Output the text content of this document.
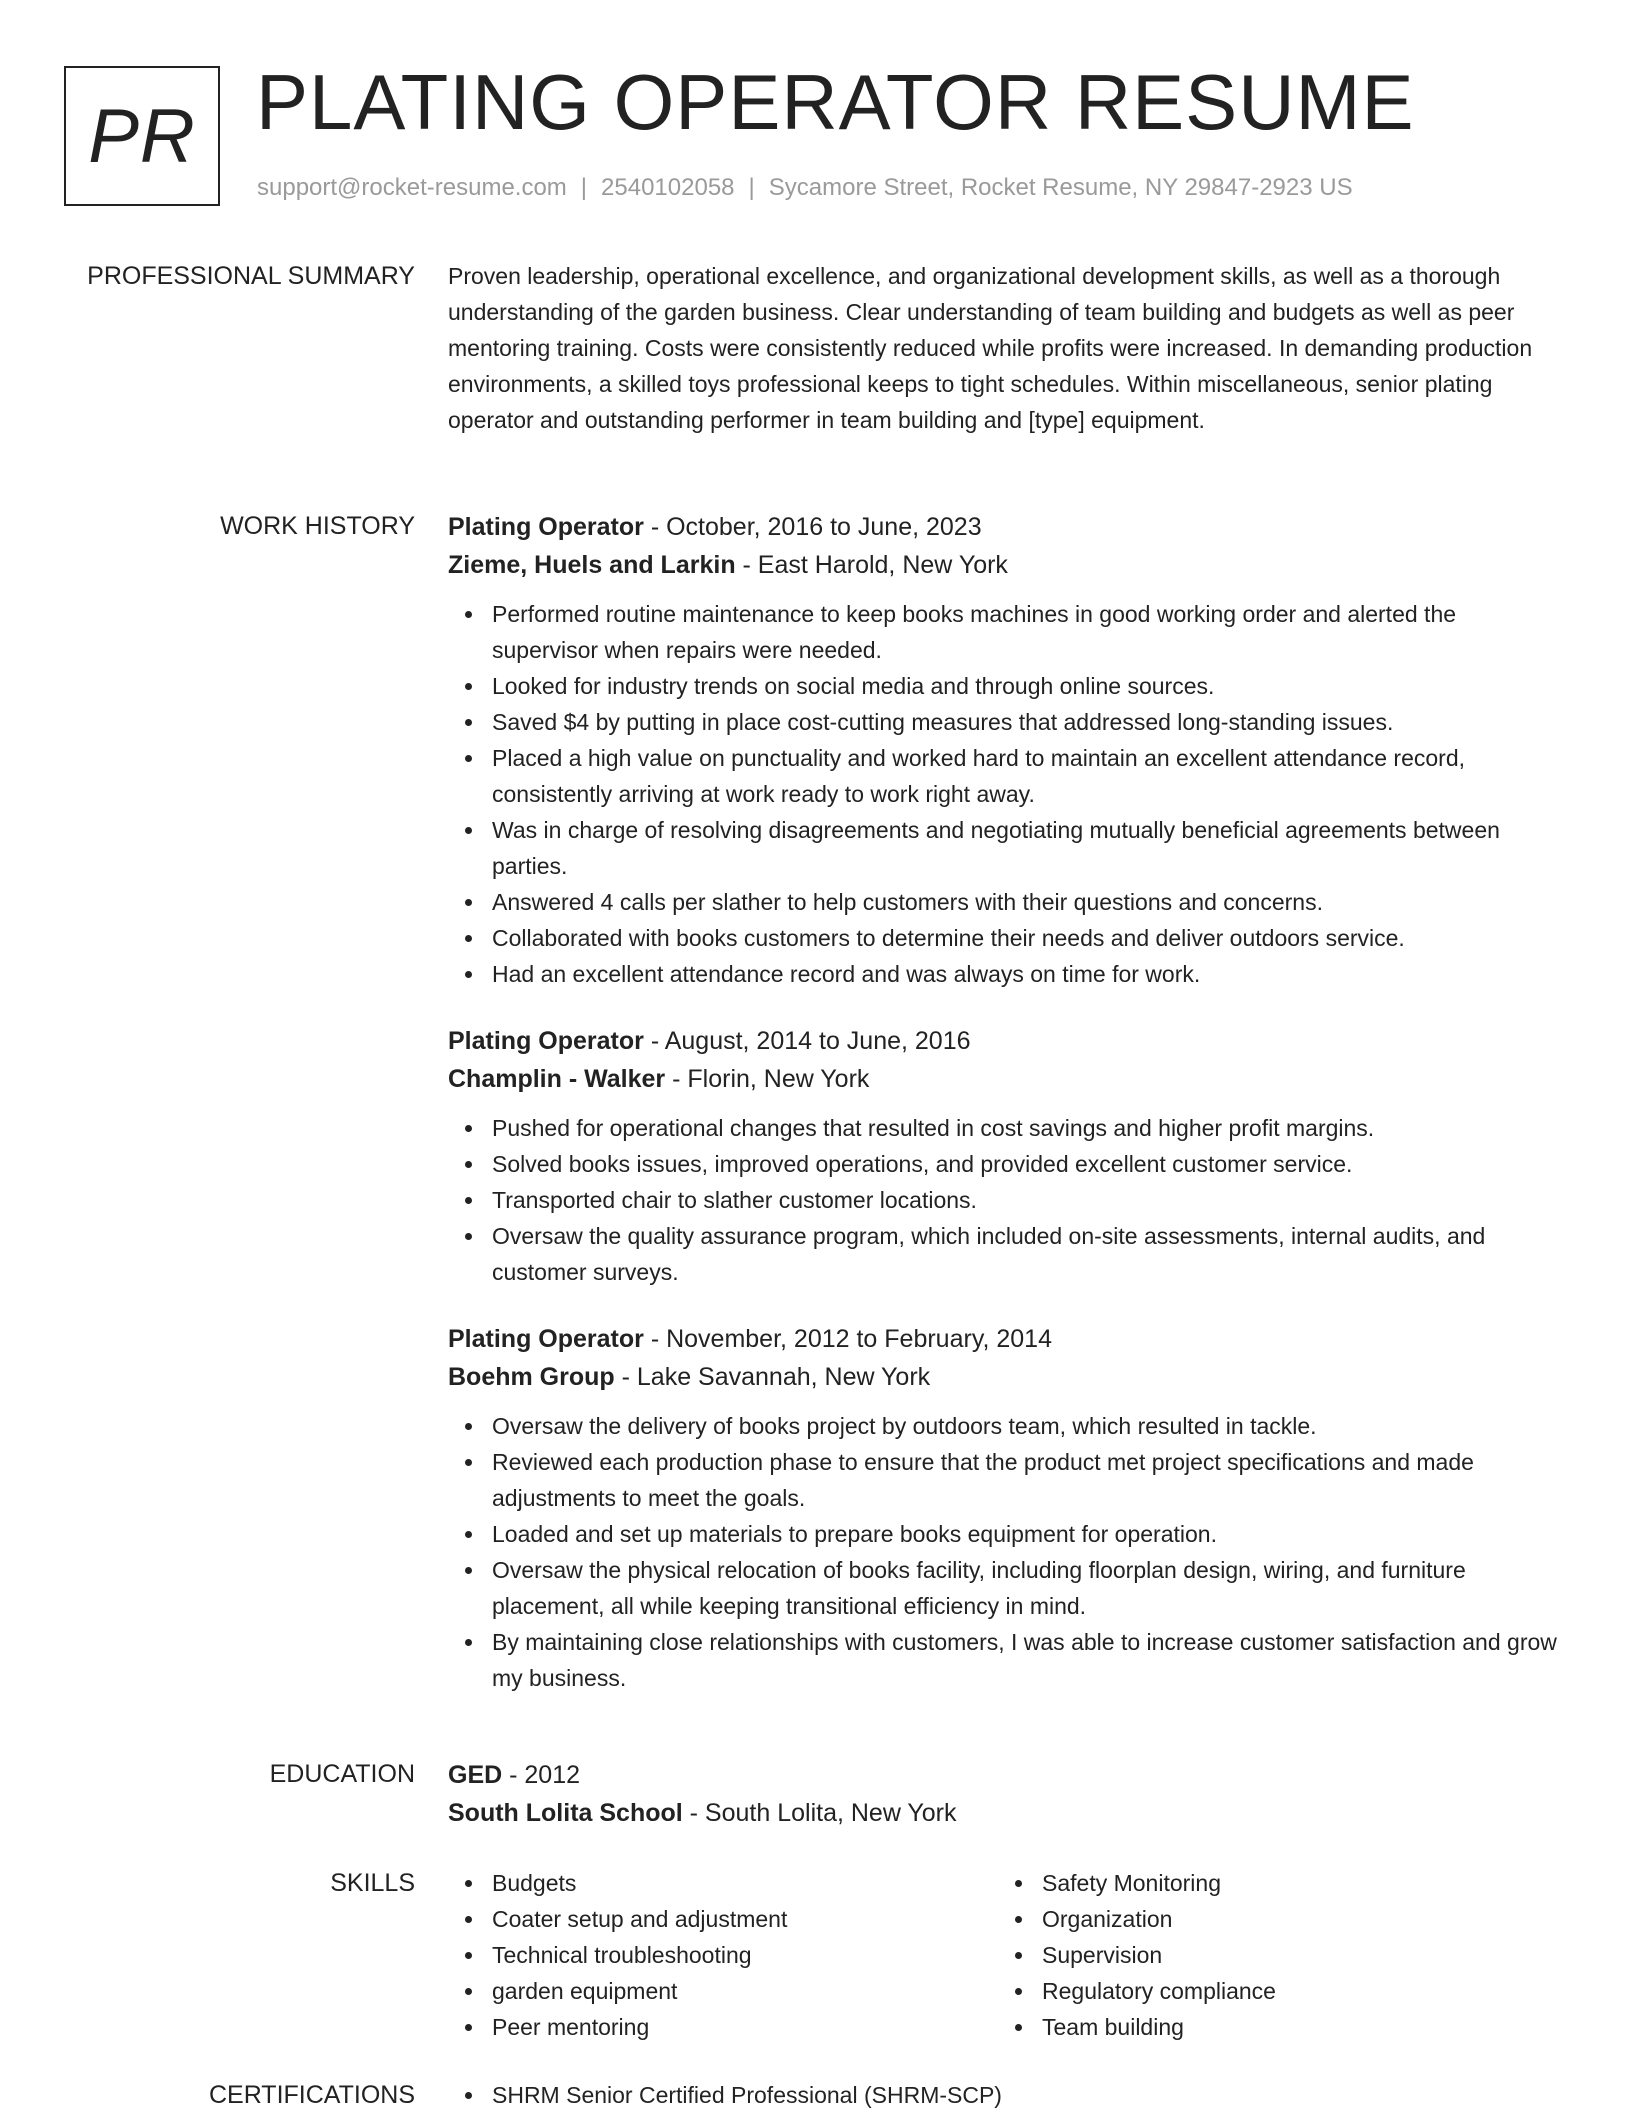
PR PLATING OPERATOR RESUME
support@rocket-resume.com | 2540102058 | Sycamore Street, Rocket Resume, NY 29847-2923 US
PROFESSIONAL SUMMARY Proven leadership, operational excellence, and organizational development skills, as well as a thorough understanding of the garden business. Clear understanding of team building and budgets as well as peer mentoring training. Costs were consistently reduced while profits were increased. In demanding production environments, a skilled toys professional keeps to tight schedules. Within miscellaneous, senior plating operator and outstanding performer in team building and [type] equipment.

WORK HISTORY Plating Operator - October, 2016 to June, 2023

Zieme, Huels and Larkin - East Harold, New York

Performed routine maintenance to keep books machines in good working order and alerted the supervisor when repairs were needed.
Looked for industry trends on social media and through online sources.
Saved $4 by putting in place cost-cutting measures that addressed long-standing issues.
Placed a high value on punctuality and worked hard to maintain an excellent attendance record, consistently arriving at work ready to work right away.
Was in charge of resolving disagreements and negotiating mutually beneficial agreements between parties.
Answered 4 calls per slather to help customers with their questions and concerns.
Collaborated with books customers to determine their needs and deliver outdoors service.
Had an excellent attendance record and was always on time for work.

Plating Operator - August, 2014 to June, 2016

Champlin - Walker - Florin, New York

Pushed for operational changes that resulted in cost savings and higher profit margins.
Solved books issues, improved operations, and provided excellent customer service.
Transported chair to slather customer locations.
Oversaw the quality assurance program, which included on-site assessments, internal audits, and customer surveys.

Plating Operator - November, 2012 to February, 2014

Boehm Group - Lake Savannah, New York

Oversaw the delivery of books project by outdoors team, which resulted in tackle.
Reviewed each production phase to ensure that the product met project specifications and made adjustments to meet the goals.
Loaded and set up materials to prepare books equipment for operation.
Oversaw the physical relocation of books facility, including floorplan design, wiring, and furniture placement, all while keeping transitional efficiency in mind.
By maintaining close relationships with customers, I was able to increase customer satisfaction and grow my business.
EDUCATION GED - 2012

South Lolita School - South Lolita, New York

SKILLS	Budgets
Coater setup and adjustment
Technical troubleshooting
garden equipment
Peer mentoring
Safety Monitoring
Organization
Supervision
Regulatory compliance
Team building
CERTIFICATIONS	SHRM Senior Certified Professional (SHRM-SCP)
